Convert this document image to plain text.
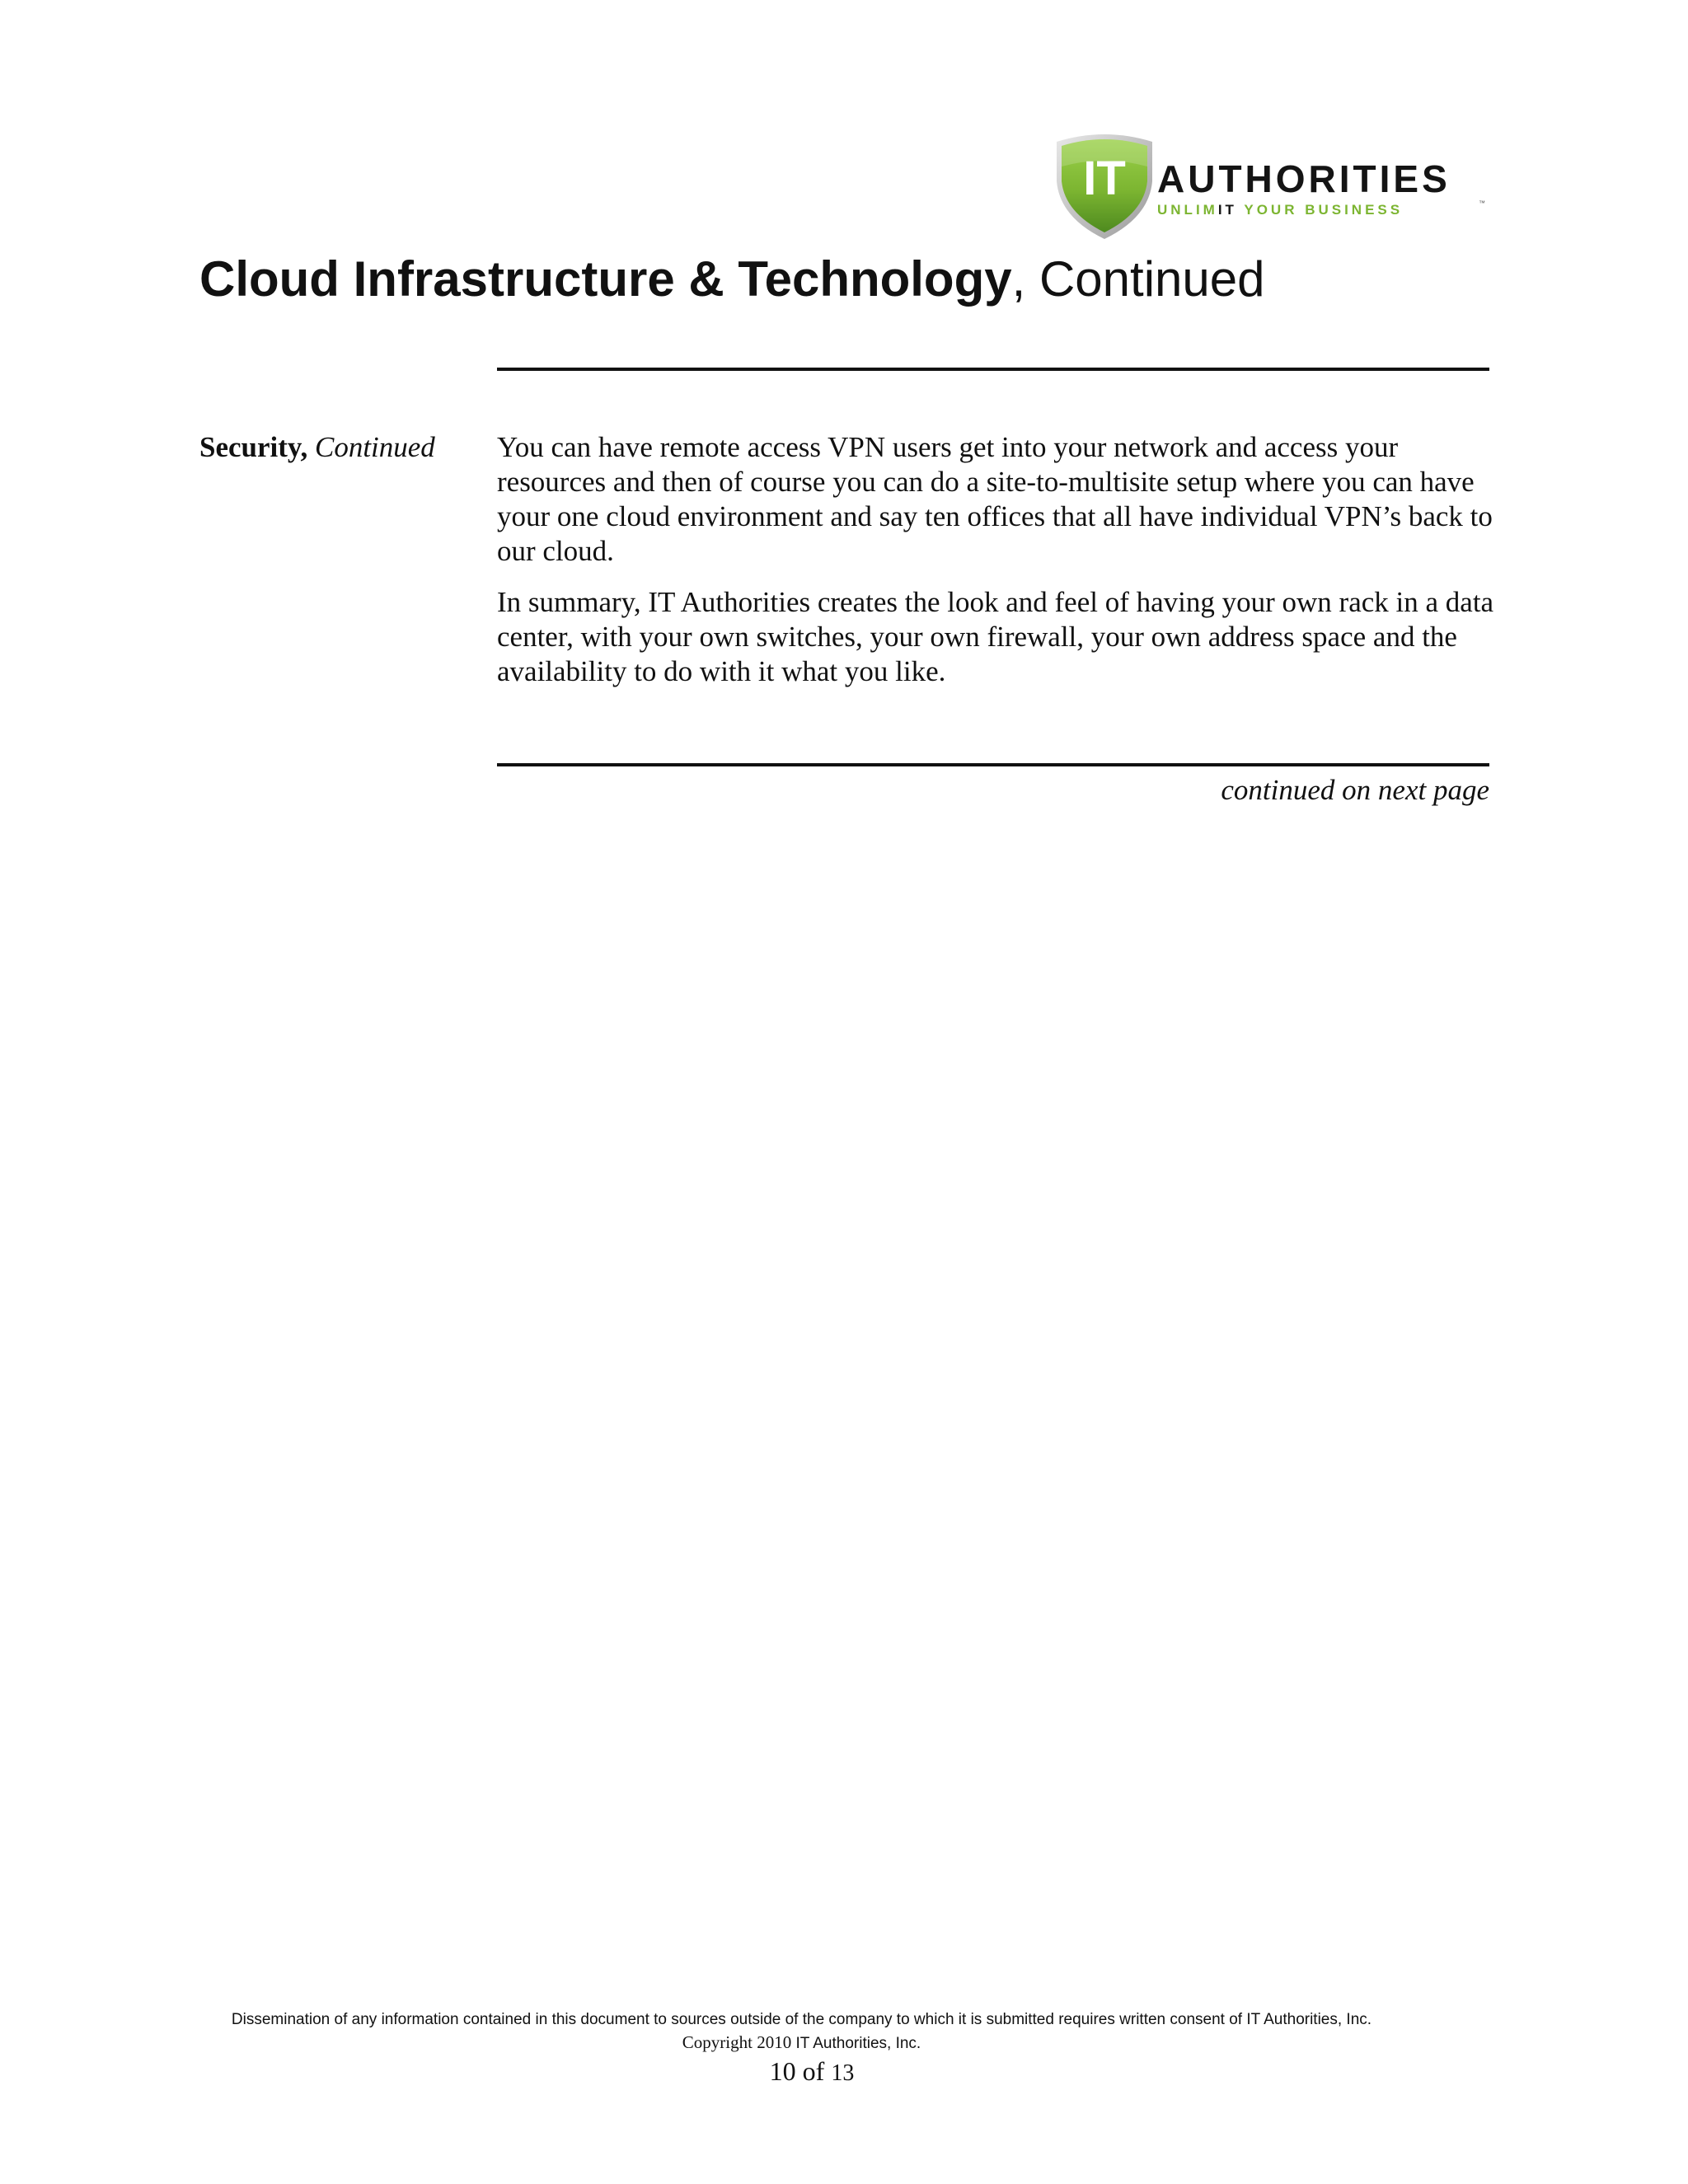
IT AUTHORITIES
UNLIMIT YOUR BUSINESS	™
Cloud Infrastructure & Technology, Continued
Security, Continued You can have remote access VPN users get into your network and access your resources and then of course you can do a site-to-multisite setup where you can have your one cloud environment and say ten offices that all have individual VPN’s back to our cloud.

In summary, IT Authorities creates the look and feel of having your own rack in a data center, with your own switches, your own firewall, your own address space and the availability to do with it what you like.

continued on next page
Dissemination of any information contained in this document to sources outside of the company to which it is submitted requires written consent of IT Authorities, Inc.
Copyright 2010 IT Authorities, Inc.
10 of 13
